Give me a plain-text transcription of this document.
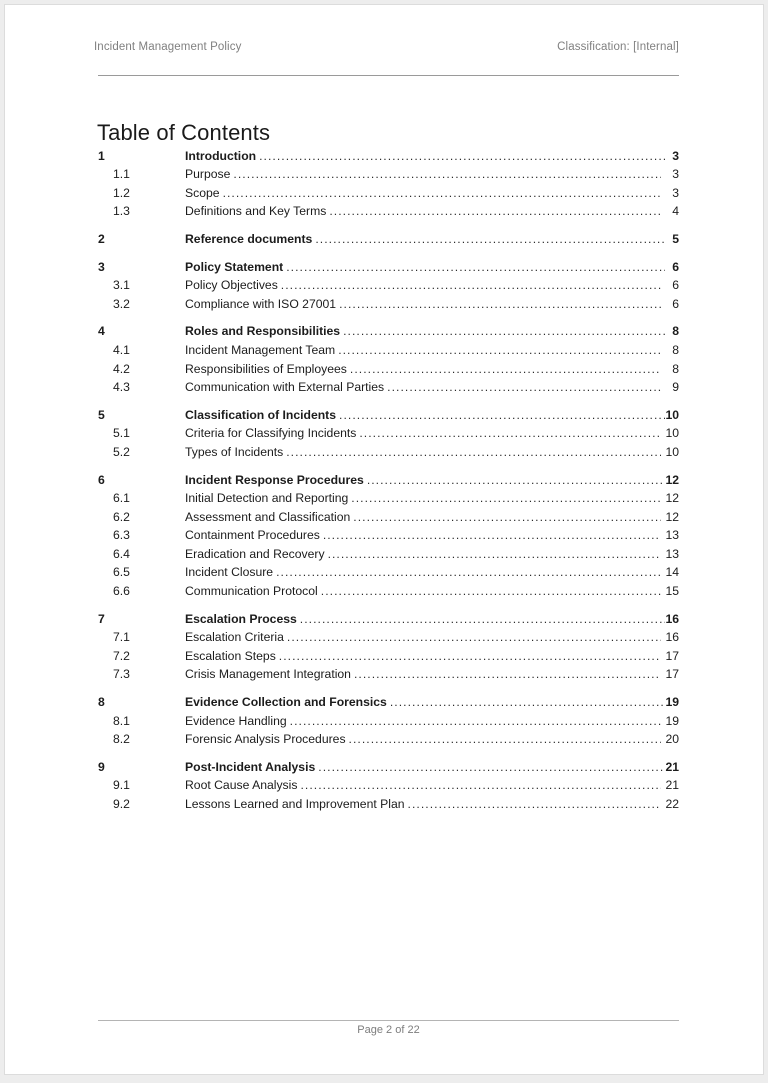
Incident Management Policy	Classification: [Internal]
Table of Contents
1	Introduction .....	3
1.1	Purpose .....	3
1.2	Scope .....	3
1.3	Definitions and Key Terms .....	4
2	Reference documents .....	5
3	Policy Statement .....	6
3.1	Policy Objectives .....	6
3.2	Compliance with ISO 27001 .....	6
4	Roles and Responsibilities .....	8
4.1	Incident Management Team .....	8
4.2	Responsibilities of Employees .....	8
4.3	Communication with External Parties .....	9
5	Classification of Incidents .....	10
5.1	Criteria for Classifying Incidents .....	10
5.2	Types of Incidents .....	10
6	Incident Response Procedures .....	12
6.1	Initial Detection and Reporting .....	12
6.2	Assessment and Classification .....	12
6.3	Containment Procedures .....	13
6.4	Eradication and Recovery .....	13
6.5	Incident Closure .....	14
6.6	Communication Protocol .....	15
7	Escalation Process .....	16
7.1	Escalation Criteria .....	16
7.2	Escalation Steps .....	17
7.3	Crisis Management Integration .....	17
8	Evidence Collection and Forensics .....	19
8.1	Evidence Handling .....	19
8.2	Forensic Analysis Procedures .....	20
9	Post-Incident Analysis .....	21
9.1	Root Cause Analysis .....	21
9.2	Lessons Learned and Improvement Plan .....	22
Page 2 of 22
